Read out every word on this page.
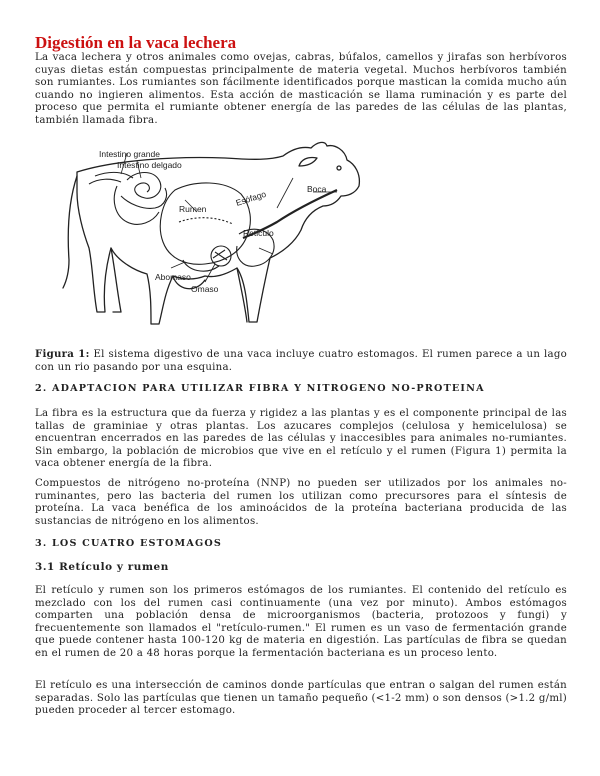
Digestión en la vaca lechera

La vaca lechera y otros animales como ovejas, cabras, búfalos, camellos y jirafas son herbívoros cuyas dietas están compuestas principalmente de materia vegetal. Muchos herbívoros también son rumiantes. Los rumiantes son fácilmente identificados porque mastican la comida mucho aún cuando no ingieren alimentos. Esta acción de masticación se llama ruminación y es parte del proceso que permita el rumiante obtener energía de las paredes de las células de las plantas, también llamada fibra.

Intestino grande
Intestino delgado
Rumen
Esófago	Boca
Reticulo
Abomaso
Omaso

Figura 1: El sistema digestivo de una vaca incluye cuatro estomagos. El rumen parece a un lago con un rio pasando por una esquina.

2. ADAPTACION PARA UTILIZAR FIBRA Y NITROGENO NO-PROTEINA

La fibra es la estructura que da fuerza y rigidez a las plantas y es el componente principal de las tallas de graminiae y otras plantas. Los azucares complejos (celulosa y hemicelulosa) se encuentran encerrados en las paredes de las células y inaccesibles para animales no-rumiantes. Sin embargo, la población de microbios que vive en el retículo y el rumen (Figura 1) permita la vaca obtener energía de la fibra.

Compuestos de nitrógeno no-proteína (NNP) no pueden ser utilizados por los animales no-ruminantes, pero las bacteria del rumen los utilizan como precursores para el síntesis de proteína. La vaca benéfica de los aminoácidos de la proteína bacteriana producida de las sustancias de nitrógeno en los alimentos.

3. LOS CUATRO ESTOMAGOS
3.1 Retículo y rumen

El retículo y rumen son los primeros estómagos de los rumiantes. El contenido del retículo es mezclado con los del rumen casi continuamente (una vez por minuto). Ambos estómagos comparten una población densa de microorganismos (bacteria, protozoos y fungi) y frecuentemente son llamados el "retículo-rumen." El rumen es un vaso de fermentación grande que puede contener hasta 100-120 kg de materia en digestión. Las partículas de fibra se quedan en el rumen de 20 a 48 horas porque la fermentación bacteriana es un proceso lento.

El retículo es una intersección de caminos donde partículas que entran o salgan del rumen están separadas. Solo las partículas que tienen un tamaño pequeño (<1-2 mm) o son densos (>1.2 g/ml) pueden proceder al tercer estomago.
